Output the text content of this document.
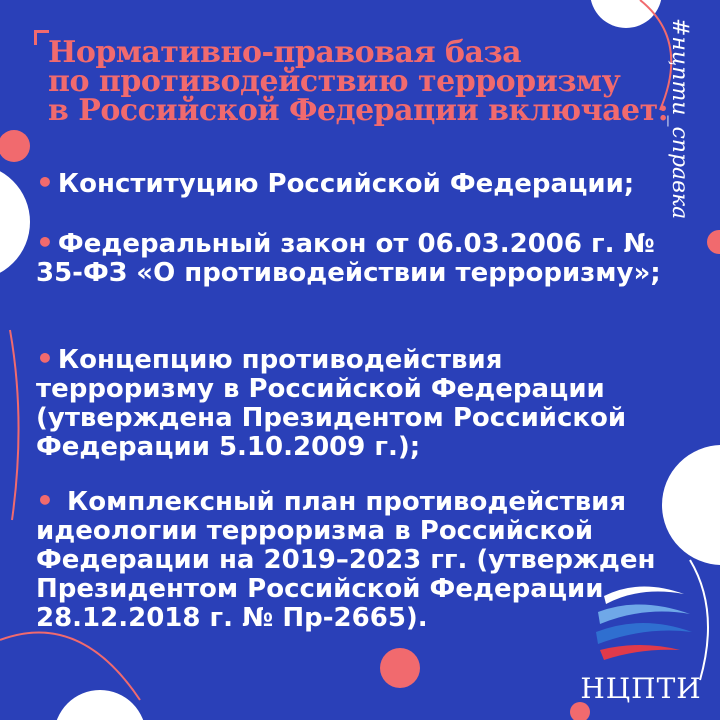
Нормативно-правовая база
по противодействию терроризму
в Российской Федерации включает:
• Конституцию Российской Федерации;
• Федеральный закон от 06.03.2006 г. № 35-ФЗ «О противодействии терроризму»;
• Концепцию противодействия терроризму в Российской Федерации (утверждена Президентом Российской Федерации 5.10.2009 г.);
• Комплексный план противодействия идеологии терроризма в Российской Федерации на 2019–2023 гг. (утвержден Президентом Российской Федерации 28.12.2018 г. № Пр-2665).
#нцпти_справка
НЦПТИ
